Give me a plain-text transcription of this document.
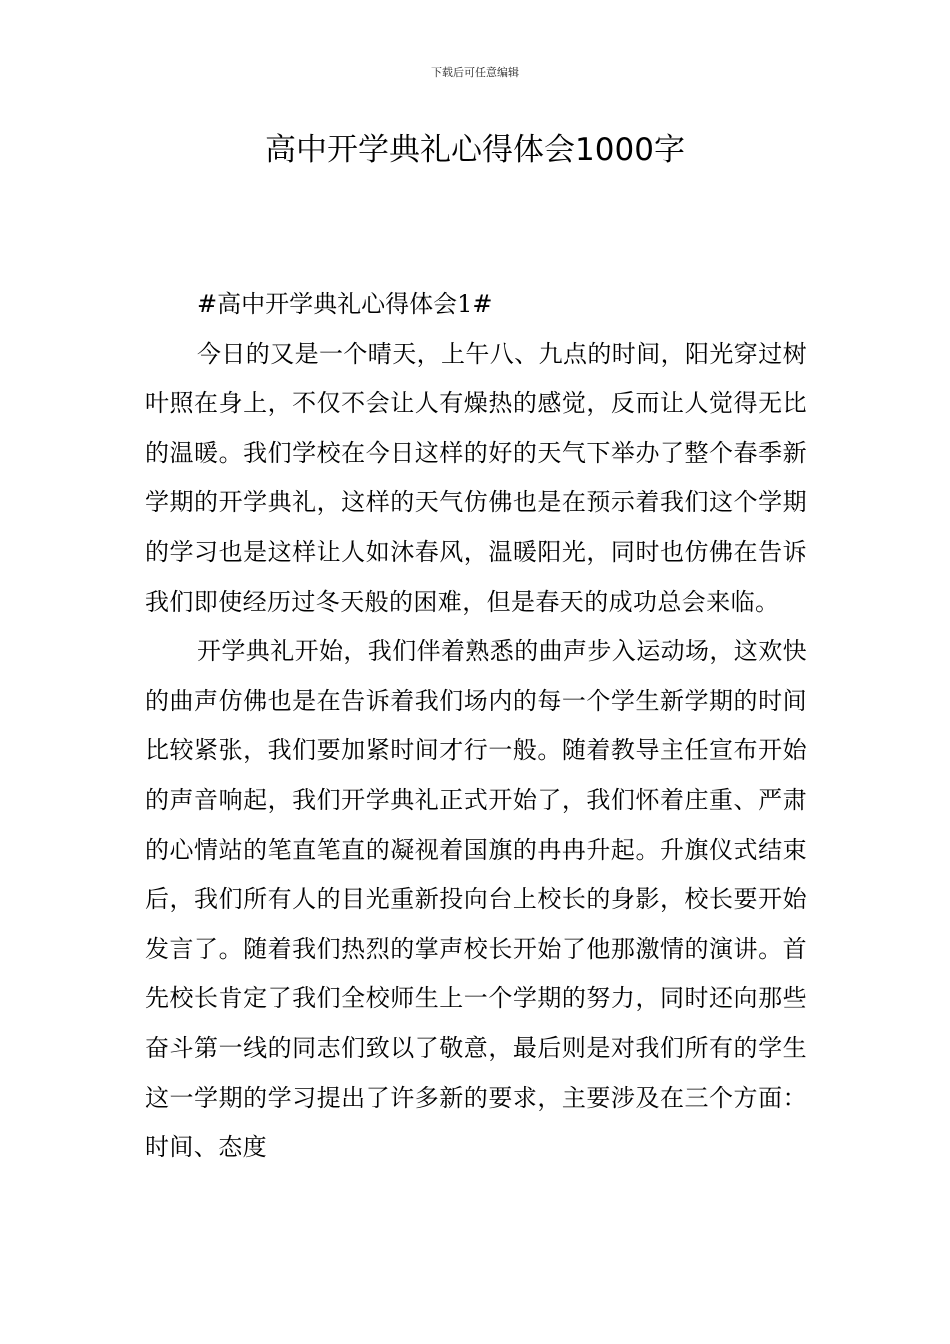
下载后可任意编辑
高中开学典礼心得体会1000字

#高中开学典礼心得体会1#

今日的又是一个晴天，上午八、九点的时间，阳光穿过树叶照在身上，不仅不会让人有燥热的感觉，反而让人觉得无比的温暖。我们学校在今日这样的好的天气下举办了整个春季新学期的开学典礼，这样的天气仿佛也是在预示着我们这个学期的学习也是这样让人如沐春风，温暖阳光，同时也仿佛在告诉我们即使经历过冬天般的困难，但是春天的成功总会来临。

开学典礼开始，我们伴着熟悉的曲声步入运动场，这欢快的曲声仿佛也是在告诉着我们场内的每一个学生新学期的时间比较紧张，我们要加紧时间才行一般。随着教导主任宣布开始的声音响起，我们开学典礼正式开始了，我们怀着庄重、严肃的心情站的笔直笔直的凝视着国旗的冉冉升起。升旗仪式结束后，我们所有人的目光重新投向台上校长的身影，校长要开始发言了。随着我们热烈的掌声校长开始了他那激情的演讲。首先校长肯定了我们全校师生上一个学期的努力，同时还向那些奋斗第一线的同志们致以了敬意，最后则是对我们所有的学生这一学期的学习提出了许多新的要求，主要涉及在三个方面：时间、态度
